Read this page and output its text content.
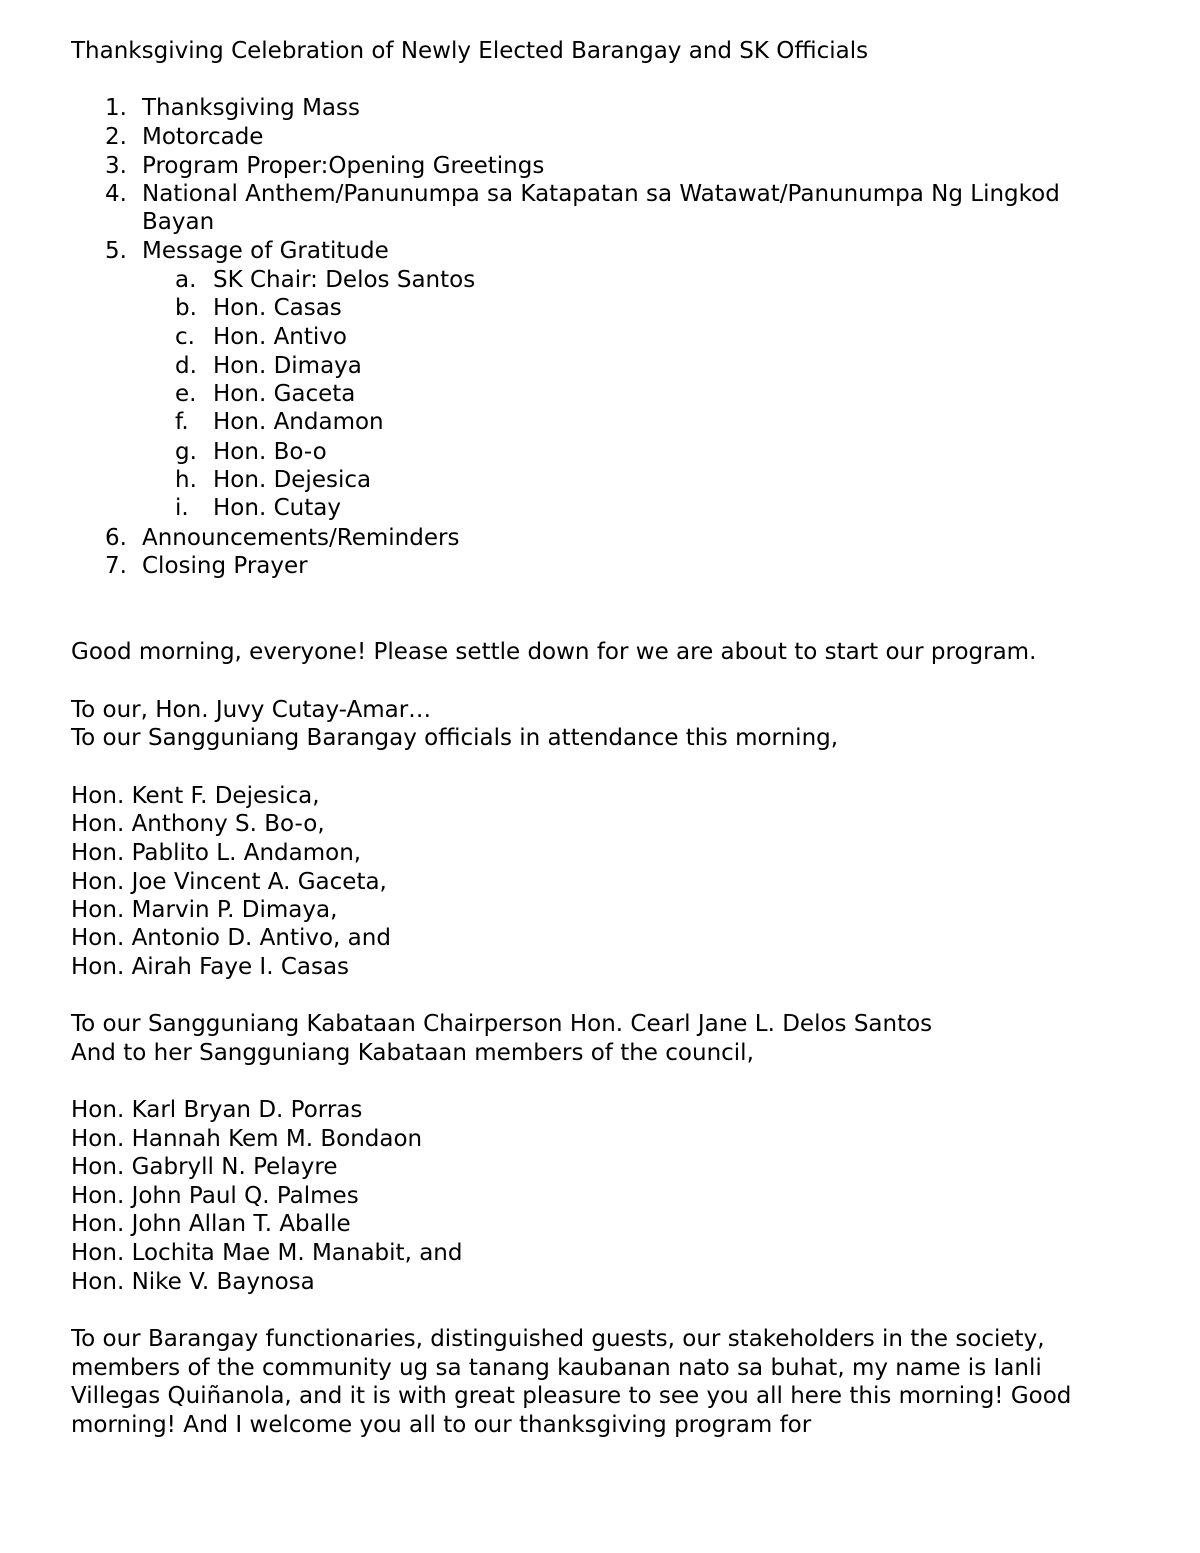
Thanksgiving Celebration of Newly Elected Barangay and SK Officials
1. Thanksgiving Mass
2. Motorcade
3. Program Proper:Opening Greetings
4. National Anthem/Panunumpa sa Katapatan sa Watawat/Panunumpa Ng Lingkod
Bayan
5. Message of Gratitude
a. SK Chair: Delos Santos
b. Hon. Casas
c. Hon. Antivo
d. Hon. Dimaya
e. Hon. Gaceta
f. Hon. Andamon
g. Hon. Bo-o
h. Hon. Dejesica
i. Hon. Cutay
6. Announcements/Reminders
7. Closing Prayer
Good morning, everyone! Please settle down for we are about to start our program.
To our, Hon. Juvy Cutay-Amar…
To our Sangguniang Barangay officials in attendance this morning,
Hon. Kent F. Dejesica,
Hon. Anthony S. Bo-o,
Hon. Pablito L. Andamon,
Hon. Joe Vincent A. Gaceta,
Hon. Marvin P. Dimaya,
Hon. Antonio D. Antivo, and
Hon. Airah Faye I. Casas
To our Sangguniang Kabataan Chairperson Hon. Cearl Jane L. Delos Santos
And to her Sangguniang Kabataan members of the council,
Hon. Karl Bryan D. Porras
Hon. Hannah Kem M. Bondaon
Hon. Gabryll N. Pelayre
Hon. John Paul Q. Palmes
Hon. John Allan T. Aballe
Hon. Lochita Mae M. Manabit, and
Hon. Nike V. Baynosa
To our Barangay functionaries, distinguished guests, our stakeholders in the society,
members of the community ug sa tanang kaubanan nato sa buhat, my name is Ianli
Villegas Quiñanola, and it is with great pleasure to see you all here this morning! Good
morning! And I welcome you all to our thanksgiving program for
